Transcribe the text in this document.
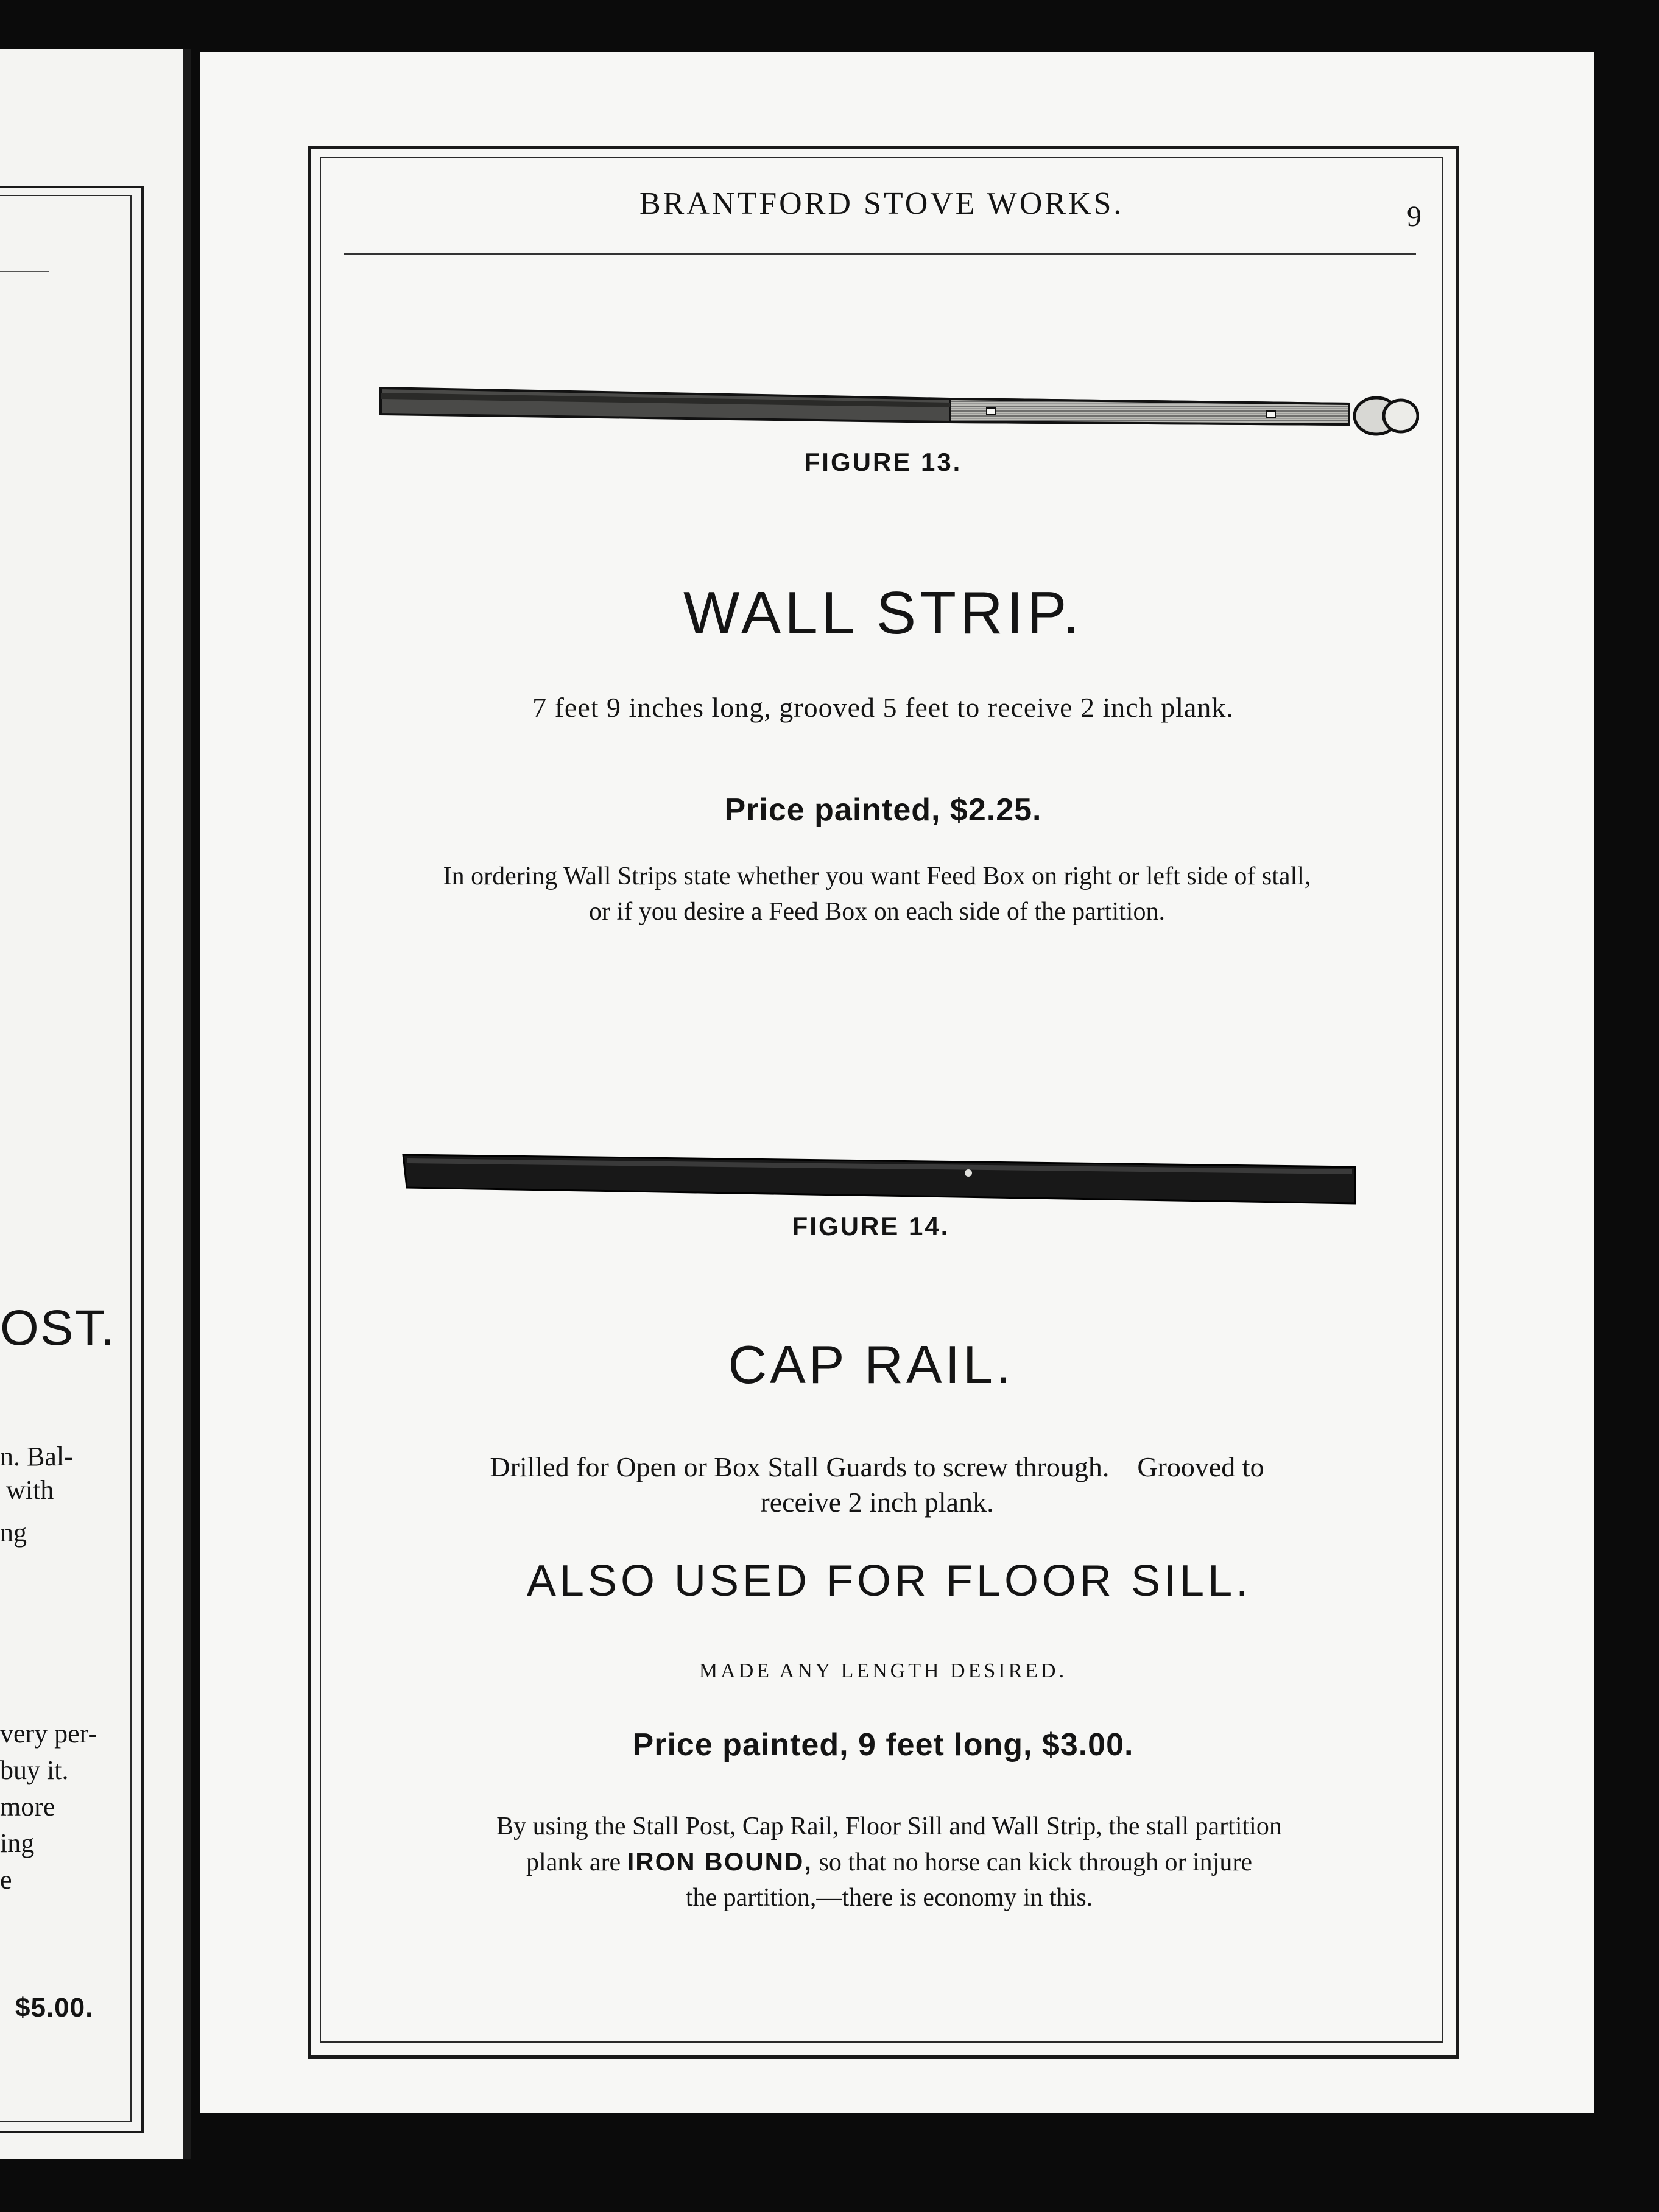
OST.
n. Bal-
with
ng
very per-
buy it.
more
ing
e
$5.00.
BRANTFORD STOVE WORKS.	9
FIGURE 13.
WALL STRIP.
7 feet 9 inches long, grooved 5 feet to receive 2 inch plank.
Price painted, $2.25.
In ordering Wall Strips state whether you want Feed Box on right or left side of stall,
or if you desire a Feed Box on each side of the partition.
FIGURE 14.
CAP RAIL.
Drilled for Open or Box Stall Guards to screw through.    Grooved to
receive 2 inch plank.
ALSO USED FOR FLOOR SILL.
MADE ANY LENGTH DESIRED.
Price painted, 9 feet long, $3.00.
By using the Stall Post, Cap Rail, Floor Sill and Wall Strip, the stall partition
plank are IRON BOUND, so that no horse can kick through or injure
the partition,—there is economy in this.
